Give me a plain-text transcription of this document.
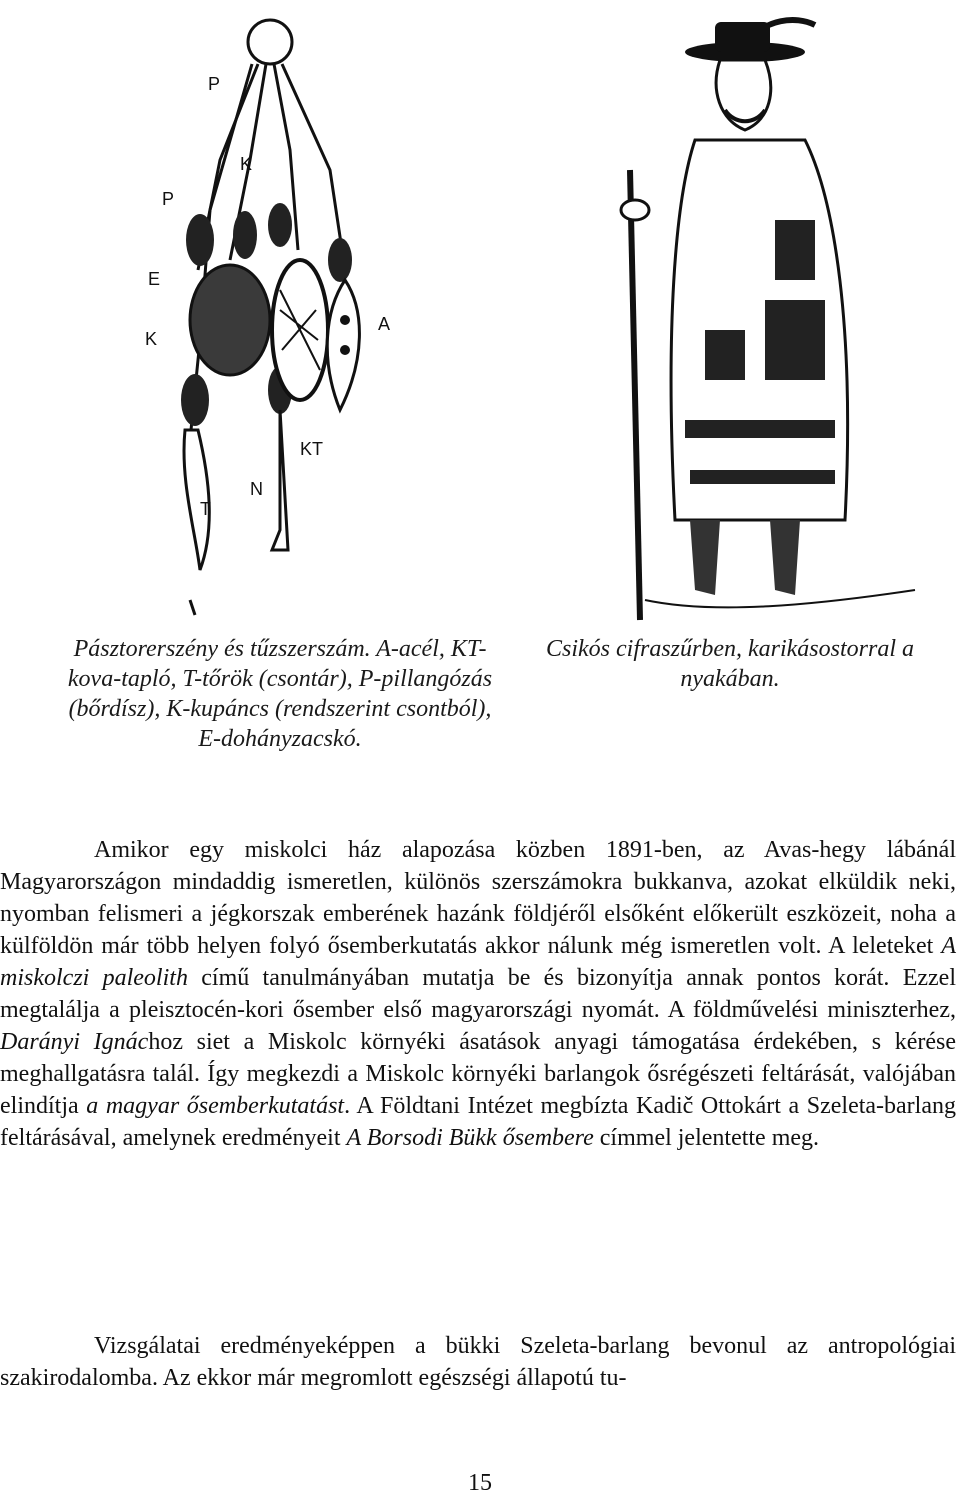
P
P
K
E
K
A
KT
N
T
Pásztorerszény és tűzszerszám. A-acél, KT-kova-tapló, T-tőrök (csontár), P-pillangózás (bőrdísz), K-kupáncs (rendszerint csontból), E-dohányzacskó.
Csikós cifraszűrben, karikásostorral a nyakában.

Amikor egy miskolci ház alapozása közben 1891-ben, az Avas-hegy lábánál Magyarországon mindaddig ismeretlen, különös szerszámokra bukkanva, azokat elküldik neki, nyomban felismeri a jégkorszak emberének hazánk földjéről elsőként előkerült eszközeit, noha a külföldön már több helyen folyó ősemberkutatás akkor nálunk még ismeretlen volt. A leleteket A miskolczi paleolith című tanulmányában mutatja be és bizonyítja annak pontos korát. Ezzel megtalálja a pleisztocén-kori ősember első magyarországi nyomát. A földművelési miniszterhez, Darányi Ignáchoz siet a Miskolc környéki ásatások anyagi támogatása érdekében, s kérése meghallgatásra talál. Így megkezdi a Miskolc környéki barlangok ősrégészeti feltárását, valójában elindítja a magyar ősemberkutatást. A Földtani Intézet megbízta Kadič Ottokárt a Szeleta-barlang feltárásával, amelynek eredményeit A Borsodi Bükk ősembere címmel jelentette meg.

Vizsgálatai eredményeképpen a bükki Szeleta-barlang bevonul az antropológiai szakirodalomba. Az ekkor már megromlott egészségi állapotú tu-

15
